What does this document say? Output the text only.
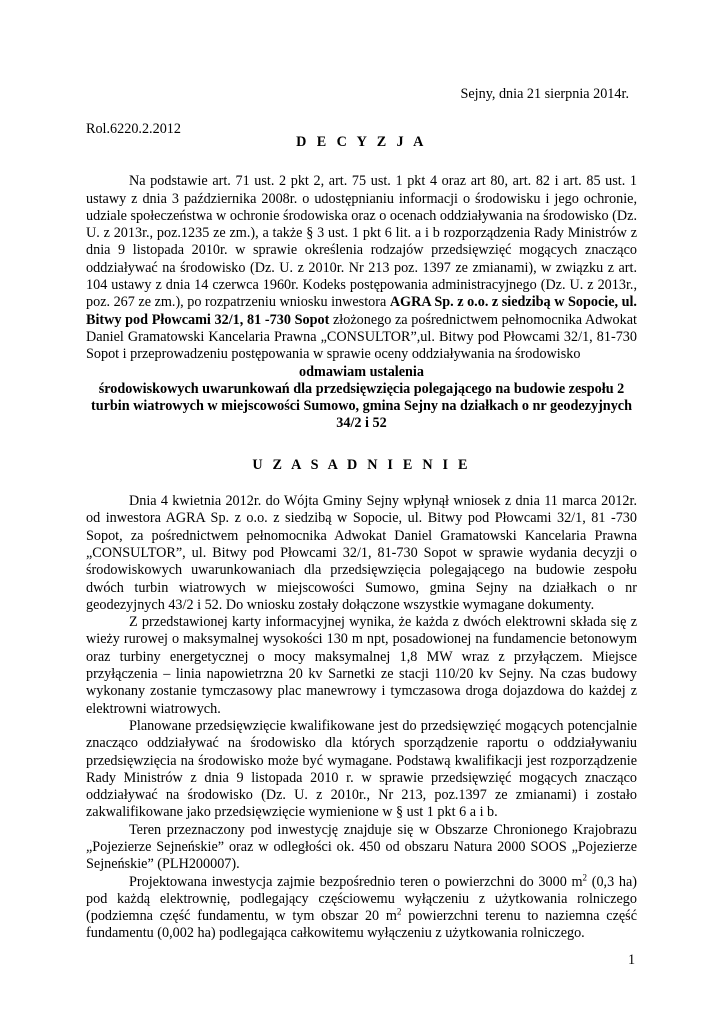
Sejny, dnia 21 sierpnia 2014r.
Rol.6220.2.2012
D E C Y Z J A

Na podstawie art. 71 ust. 2 pkt 2, art. 75 ust. 1 pkt 4 oraz art 80, art. 82 i art. 85 ust. 1 ustawy z dnia 3 października 2008r. o udostępnianiu informacji o środowisku i jego ochronie, udziale społeczeństwa w ochronie środowiska oraz o ocenach oddziaływania na środowisko (Dz. U. z 2013r., poz.1235 ze zm.), a także § 3 ust. 1 pkt 6 lit. a i b rozporządzenia Rady Ministrów z dnia 9 listopada 2010r. w sprawie określenia rodzajów przedsięwzięć mogących znacząco oddziaływać na środowisko (Dz. U. z 2010r. Nr 213 poz. 1397 ze zmianami), w związku z art. 104 ustawy z dnia 14 czerwca 1960r. Kodeks postępowania administracyjnego (Dz. U. z 2013r., poz. 267 ze zm.), po rozpatrzeniu wniosku inwestora AGRA Sp. z o.o. z siedzibą w Sopocie, ul. Bitwy pod Płowcami 32/1, 81 -730 Sopot złożonego za pośrednictwem pełnomocnika Adwokat Daniel Gramatowski Kancelaria Prawna „CONSULTOR”,ul. Bitwy pod Płowcami 32/1, 81-730 Sopot i przeprowadzeniu postępowania w sprawie oceny oddziaływania na środowisko

odmawiam ustalenia

środowiskowych uwarunkowań dla przedsięwzięcia polegającego na budowie zespołu 2 turbin wiatrowych w miejscowości Sumowo, gmina Sejny na działkach o nr geodezyjnych 34/2 i 52

U Z A S A D N I E N I E

Dnia 4 kwietnia 2012r. do Wójta Gminy Sejny wpłynął wniosek z dnia 11 marca 2012r. od inwestora AGRA Sp. z o.o. z siedzibą w Sopocie, ul. Bitwy pod Płowcami 32/1, 81 -730 Sopot, za pośrednictwem pełnomocnika Adwokat Daniel Gramatowski Kancelaria Prawna „CONSULTOR”, ul. Bitwy pod Płowcami 32/1, 81-730 Sopot w sprawie wydania decyzji o środowiskowych uwarunkowaniach dla przedsięwzięcia polegającego na budowie zespołu dwóch turbin wiatrowych w miejscowości Sumowo, gmina Sejny na działkach o nr geodezyjnych 43/2 i 52. Do wniosku zostały dołączone wszystkie wymagane dokumenty.

Z przedstawionej karty informacyjnej wynika, że każda z dwóch elektrowni składa się z wieży rurowej o maksymalnej wysokości 130 m npt, posadowionej na fundamencie betonowym oraz turbiny energetycznej o mocy maksymalnej 1,8 MW wraz z przyłączem. Miejsce przyłączenia – linia napowietrzna 20 kv Sarnetki ze stacji 110/20 kv Sejny. Na czas budowy wykonany zostanie tymczasowy plac manewrowy i tymczasowa droga dojazdowa do każdej z elektrowni wiatrowych.

Planowane przedsięwzięcie kwalifikowane jest do przedsięwzięć mogących potencjalnie znacząco oddziaływać na środowisko dla których sporządzenie raportu o oddziaływaniu przedsięwzięcia na środowisko może być wymagane. Podstawą kwalifikacji jest rozporządzenie Rady Ministrów z dnia 9 listopada 2010 r. w sprawie przedsięwzięć mogących znacząco oddziaływać na środowisko (Dz. U. z 2010r., Nr 213, poz.1397 ze zmianami) i zostało zakwalifikowane jako przedsięwzięcie wymienione w § ust 1 pkt 6 a i b.

Teren przeznaczony pod inwestycję znajduje się w Obszarze Chronionego Krajobrazu „Pojezierze Sejneńskie” oraz w odległości ok. 450 od obszaru Natura 2000 SOOS „Pojezierze Sejneńskie” (PLH200007).

Projektowana inwestycja zajmie bezpośrednio teren o powierzchni do 3000 $m^2$ (0,3 ha) pod każdą elektrownię, podlegający częściowemu wyłączeniu z użytkowania rolniczego (podziemna część fundamentu, w tym obszar 20 $m^2$ powierzchni terenu to naziemna część fundamentu (0,002 ha) podlegająca całkowitemu wyłączeniu z użytkowania rolniczego.

1
